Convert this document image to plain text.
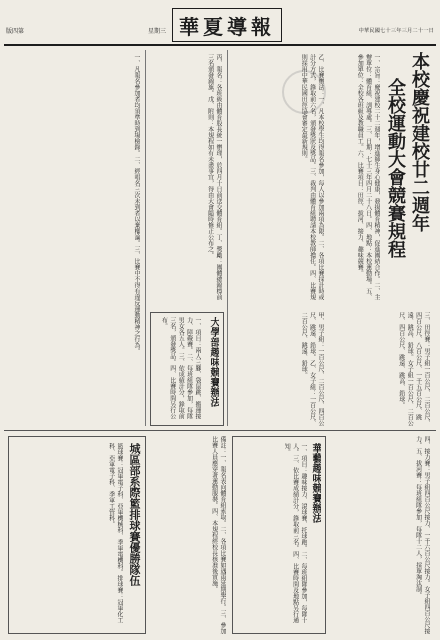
版四第	星期三 華夏導報	中華民國七十三年三月二十一日
本校慶祝建校廿二週年
全校運動大會競賽規程
一、宗旨：慶祝建校二十二週年，增進師生身心健康，發揚體育精神，促進團結合作。二、主辦單位：體育組、訓導處。三、日期：七十三年四月二十八日。四、地點：本校運動場。五、參加單位：全校各班級及教職員工。六、比賽項目：田徑、拔河、接力、趣味競賽。
乙、比賽辦法：一、凡本校學生均得報名參加，每人以參加兩項為限。二、各項比賽採計時或計分方式，錄取前六名，頒發獎狀及獎品。三、裁判由體育組聘請本校教師擔任。四、比賽規則採用中華民國田徑協會審定最新規則。
丙、報名：各班級由體育股長統一辦理，於四月十日前送交體育組。丁、獎勵：團體總錦標前三名頒發錦旗。戊、附則：本規程如有未盡事宜，得由大會隨時修正公布之。
一、凡報名參加者均須準時到場檢錄。二、經唱名三次未到者以棄權論。三、比賽中不得有違反運動精神之行為。
甲、男子組：一百公尺、二百公尺、四百公尺、跳遠、鉛球。乙、女子組：一百公尺、二百公尺、跳遠、鉛球。	三、田徑賽：男子組一百公尺、二百公尺、四百公尺、八百公尺、一千五百公尺、跳遠、跳高、鉛球。女子組一百公尺、二百公尺、四百公尺、跳遠、跳高、鉛球。
大學部趣味競賽辦法
一、項目：兩人三腳、袋鼠跳、搬運接力、障礙賽。二、每班組隊參加，每隊男女各五人。三、依成績計分，錄取前三名，頒發獎品。四、比賽時間另行公布。
四、接力賽：男子組四百公尺接力、一千六百公尺接力。女子組四百公尺接力。五、拔河賽：每班組隊參加，每隊十二人，採單淘汰制。
華藝趣味競賽辦法
一、項目：趣味接力、滾球賽、托球跑。二、每班組隊參加，每隊十人。三、依比賽成績計分，錄取前三名。四、比賽時間及地點另行通知。
備註：一、報名表向體育組索取。二、各項比賽如遇雨延期舉行。三、參加比賽人員應穿著運動服裝。四、本規程經校長核准後實施。
城區部系際籃排球賽優勝隊伍
籃球賽：冠軍電子科、亞軍機械科、季軍電機科。排球賽：冠軍化工科、亞軍電子科、季軍工管科。
